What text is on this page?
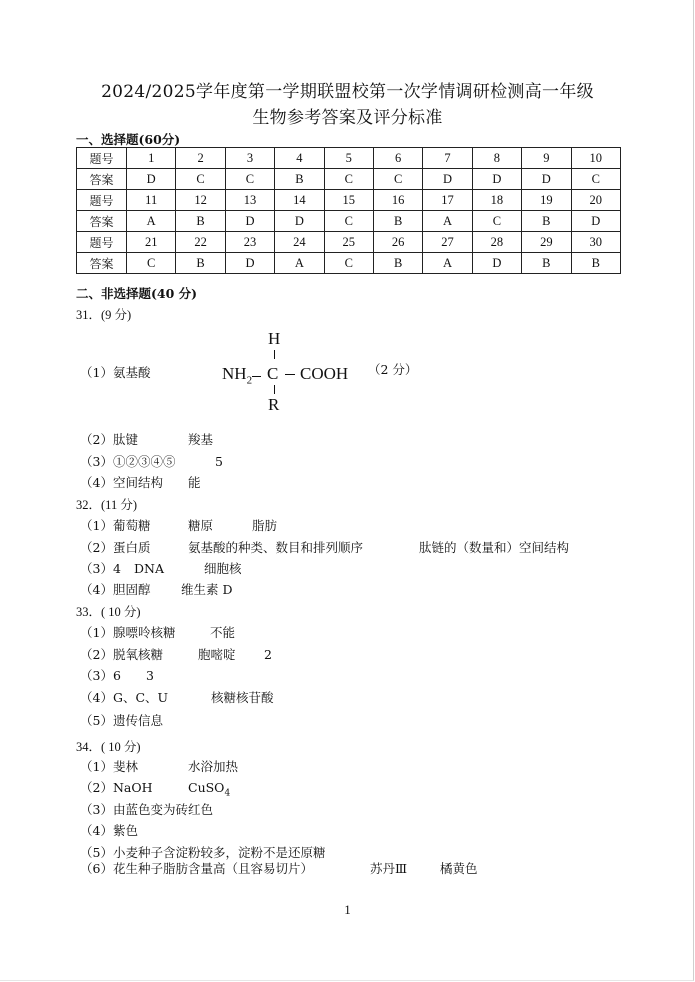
2024/2025学年度第一学期联盟校第一次学情调研检测高一年级
生物参考答案及评分标准
一、选择题(60分)
题号	1	2	3	4	5	6	7	8	9	10
答案	D	C	C	B	C	C	D	D	D	C
题号	11	12	13	14	15	16	17	18	19	20
答案	A	B	D	D	C	B	A	C	B	D
题号	21	22	23	24	25	26	27	28	29	30
答案	C	B	D	A	C	B	A	D	B	B
二、非选择题(40 分)
31．(9 分)
（1）氨基酸
H
$NH_2$ C COOH
R
（2 分）
（2）肽键	羧基
（3）①②③④⑤	5
（4）空间结构 能
32．(11 分)
（1）葡萄糖	糖原	脂肪
（2）蛋白质	氨基酸的种类、数目和排列顺序	肽链的（数量和）空间结构
（3）4 DNA	细胞核
（4）胆固醇 维生素 D
33．( 10 分)
（1）腺嘌呤核糖	不能
（2）脱氧核糖	胞嘧啶 2
（3）6 3
（4）G、C、U	核糖核苷酸
（5）遗传信息
34．( 10 分)
（1）斐林	水浴加热
（2）NaOH	CuSO$_4$
（3）由蓝色变为砖红色
（4）紫色
（5）小麦种子含淀粉较多，淀粉不是还原糖
（6）花生种子脂肪含量高（且容易切片）	苏丹Ⅲ	橘黄色
1
